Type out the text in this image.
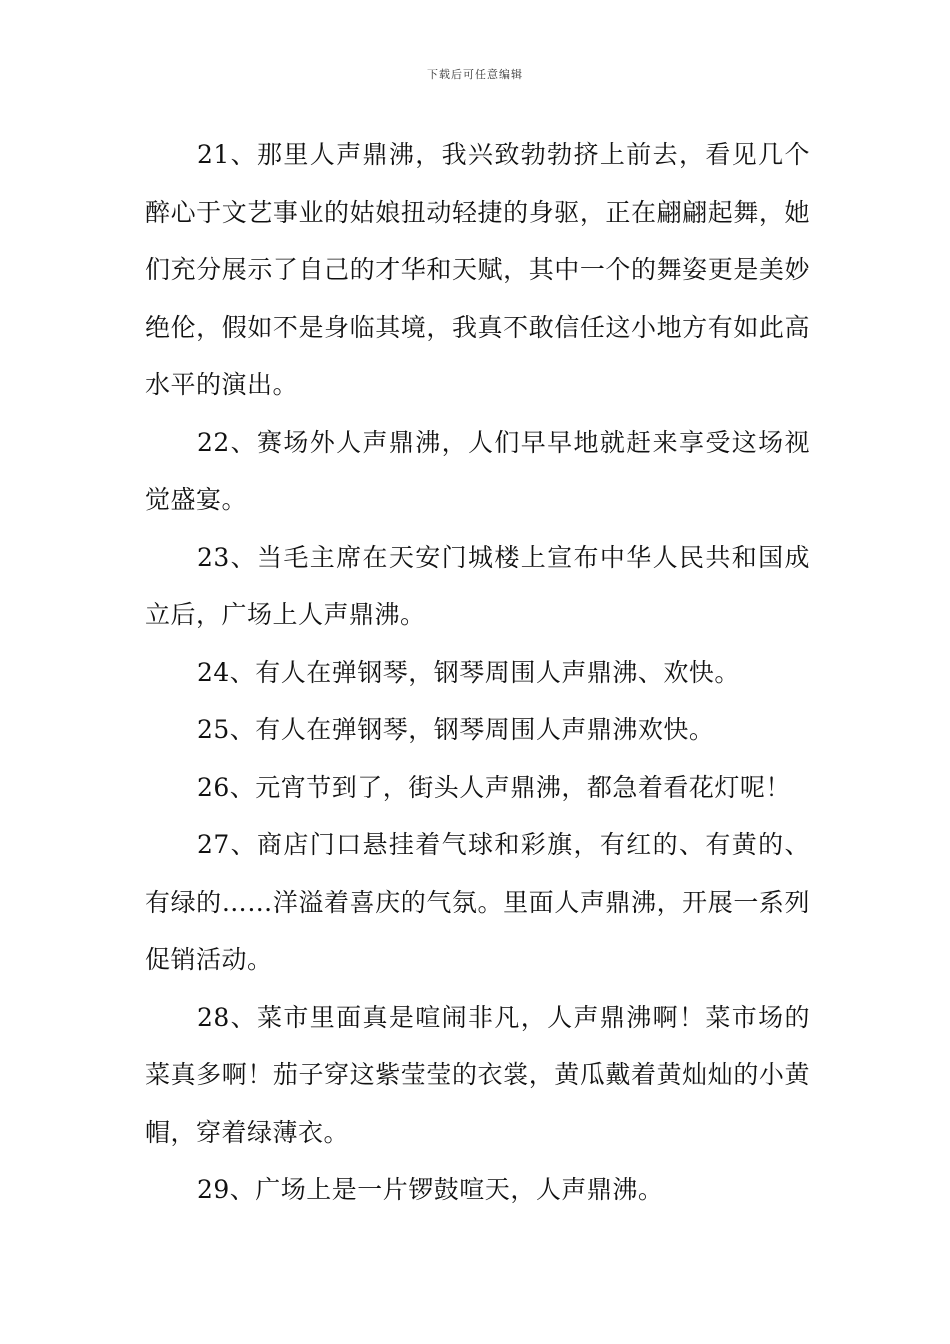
下载后可任意编辑

21、那里人声鼎沸，我兴致勃勃挤上前去，看见几个醉心于文艺事业的姑娘扭动轻捷的身驱，正在翩翩起舞，她们充分展示了自己的才华和天赋，其中一个的舞姿更是美妙绝伦，假如不是身临其境，我真不敢信任这小地方有如此高水平的演出。

22、赛场外人声鼎沸，人们早早地就赶来享受这场视觉盛宴。

23、当毛主席在天安门城楼上宣布中华人民共和国成立后，广场上人声鼎沸。

24、有人在弹钢琴，钢琴周围人声鼎沸、欢快。

25、有人在弹钢琴，钢琴周围人声鼎沸欢快。

26、元宵节到了，街头人声鼎沸，都急着看花灯呢！

27、商店门口悬挂着气球和彩旗，有红的、有黄的、有绿的……洋溢着喜庆的气氛。里面人声鼎沸，开展一系列促销活动。

28、菜市里面真是喧闹非凡，人声鼎沸啊！菜市场的菜真多啊！茄子穿这紫莹莹的衣裳，黄瓜戴着黄灿灿的小黄帽，穿着绿薄衣。

29、广场上是一片锣鼓喧天，人声鼎沸。
